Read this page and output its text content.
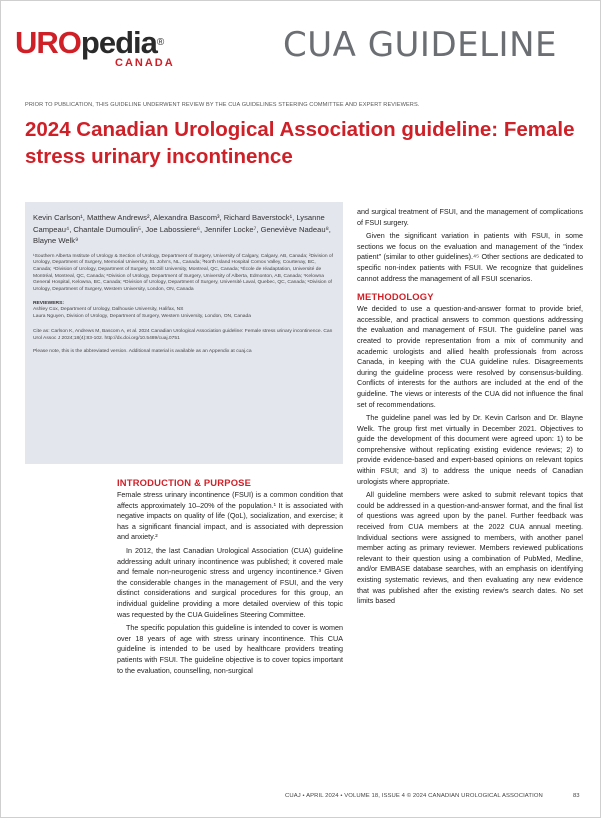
UROpedia®
CANADA	CUA GUIDELINE
PRIOR TO PUBLICATION, THIS GUIDELINE UNDERWENT REVIEW BY THE CUA GUIDELINES STEERING COMMITTEE AND EXPERT REVIEWERS.
2024 Canadian Urological Association guideline: Female stress urinary incontinence
Kevin Carlson¹, Matthew Andrews², Alexandra Bascom³, Richard Baverstock¹, Lysanne Campeau⁴, Chantale Dumoulin⁵, Joe Labossiere⁶, Jennifer Locke⁷, Geneviève Nadeau⁸, Blayne Welk⁹
¹Southern Alberta Institute of Urology & Section of Urology, Department of Surgery, University of Calgary, Calgary, AB, Canada; ²Division of Urology, Department of Surgery, Memorial University, St. John's, NL, Canada; ³North Island Hospital Comox Valley, Courtenay, BC, Canada; ⁴Division of Urology, Department of Surgery, McGill University, Montreal, QC, Canada; ⁵École de réadaptation, Université de Montréal, Montreal, QC, Canada; ⁶Division of Urology, Department of Surgery, University of Alberta, Edmonton, AB, Canada; ⁷Kelowna General Hospital, Kelowna, BC, Canada; ⁸Division of Urology, Department of Surgery, Université Laval, Quebec, QC, Canada; ⁹Division of Urology, Department of Surgery, Western University, London, ON, Canada
REVIEWERS:
Ashley Cox, Department of Urology, Dalhousie University, Halifax, NS
Laura Nguyen, Division of Urology, Department of Surgery, Western University, London, ON, Canada
Cite as: Carlson K, Andrews M, Bascom A, et al. 2024 Canadian Urological Association guideline: Female stress urinary incontinence. Can Urol Assoc J 2024;18(4):83-102. http://dx.doi.org/10.5489/cuaj.0751
Please note, this is the abbreviated version. Additional material is available as an Appendix at cuaj.ca
INTRODUCTION & PURPOSE

Female stress urinary incontinence (FSUI) is a common condition that affects approximately 10–20% of the population.¹ It is associated with negative impacts on quality of life (QoL), socialization, and exercise; it has a significant financial impact, and is associated with depression and anxiety.²

In 2012, the last Canadian Urological Association (CUA) guideline addressing adult urinary incontinence was published; it covered male and female non-neurogenic stress and urgency incontinence.³ Given the considerable changes in the management of FSUI, and the very distinct considerations and surgical procedures for this group, an individual guideline providing a more detailed overview of this topic was requested by the CUA Guidelines Steering Committee.

The specific population this guideline is intended to cover is women over 18 years of age with stress urinary incontinence. This CUA guideline is intended to be used by healthcare providers treating patients with FSUI. The guideline objective is to cover topics important to the evaluation, counselling, non-surgical

and surgical treatment of FSUI, and the management of complications of FSUI surgery.

Given the significant variation in patients with FSUI, in some sections we focus on the evaluation and management of the "index patient" (similar to other guidelines).⁴⁵ Other sections are dedicated to specific non-index patients with FSUI. We recognize that guidelines cannot address the management of all FSUI scenarios.

METHODOLOGY

We decided to use a question-and-answer format to provide brief, accessible, and practical answers to common questions addressing the evaluation and management of FSUI. The guideline panel was created to provide representation from a mix of community and academic urologists and allied health professionals from across Canada, in keeping with the CUA guideline rules. Disagreements during the guideline process were resolved by consensus-building. Conflicts of interests for the authors are included at the end of the guideline. The views or interests of the CUA did not influence the final set of recommendations.

The guideline panel was led by Dr. Kevin Carlson and Dr. Blayne Welk. The group first met virtually in December 2021. Objectives to guide the development of this document were agreed upon: 1) to be comprehensive without replicating existing evidence reviews; 2) to provide evidence-based and expert-based opinions on relevant topics within FSUI; and 3) to address the unique needs of Canadian urologists where appropriate.

All guideline members were asked to submit relevant topics that could be addressed in a question-and-answer format, and the final list of questions was agreed upon by the panel. Further feedback was received from CUA members at the 2022 CUA annual meeting. Individual sections were assigned to members, with another panel member acting as primary reviewer. Members reviewed publications relevant to their question using a combination of PubMed, Medline, and/or EMBASE database searches, with an emphasis on identifying existing systematic reviews, and then evaluating any new evidence that was published after the existing review's search dates. No set limits based

CUAJ • APRIL 2024 • VOLUME 18, ISSUE 4 © 2024 CANADIAN UROLOGICAL ASSOCIATION	83
